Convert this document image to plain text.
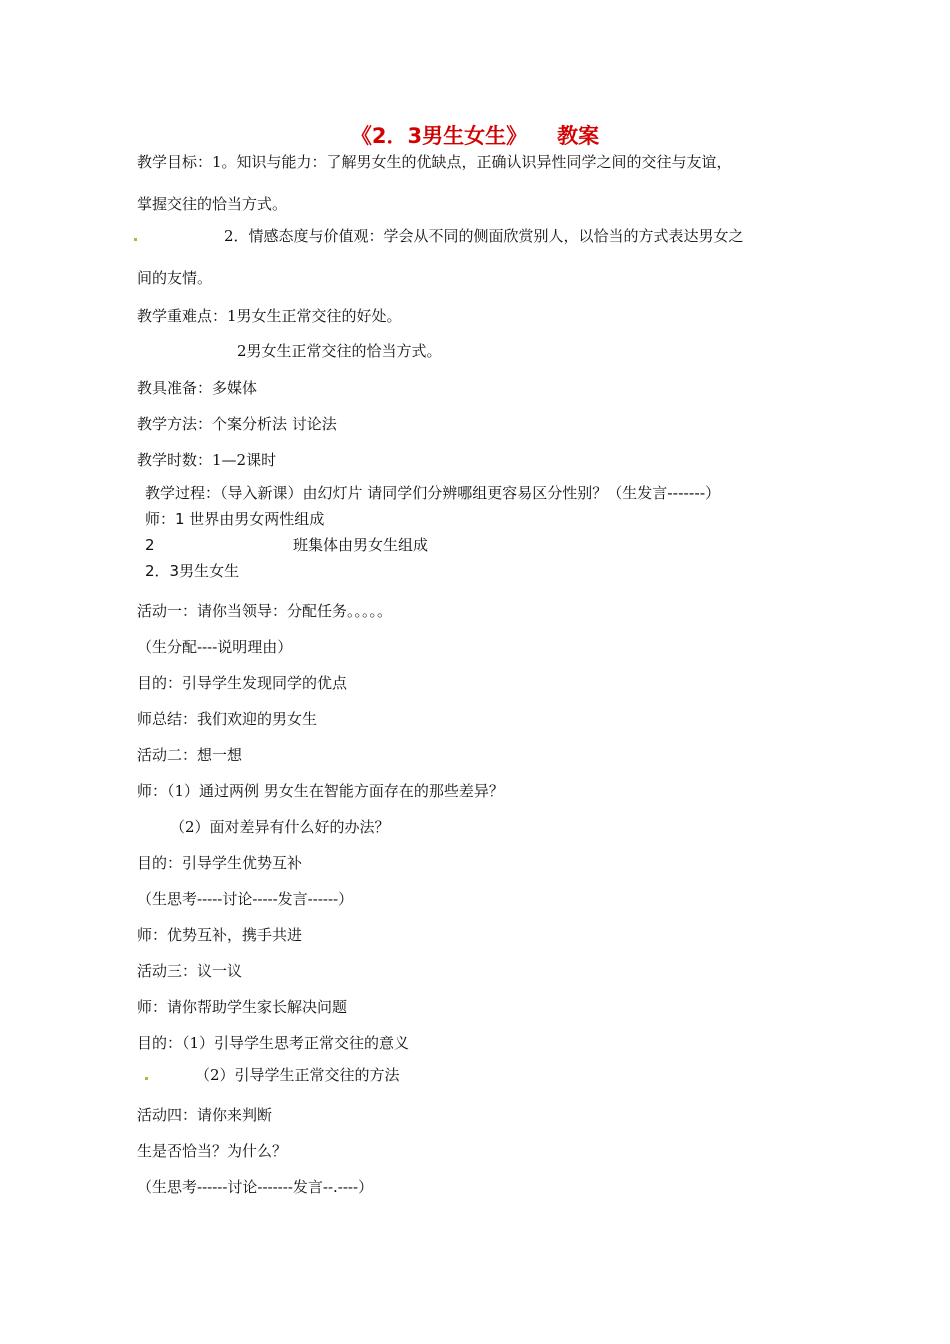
《2．3男生女生》 教案
教学目标：1。知识与能力：了解男女生的优缺点，正确认识异性同学之间的交往与友谊，
掌握交往的恰当方式。
2．情感态度与价值观：学会从不同的侧面欣赏别人，以恰当的方式表达男女之
间的友情。
教学重难点：1男女生正常交往的好处。
2男女生正常交往的恰当方式。
教具准备：多媒体
教学方法：个案分析法 讨论法
教学时数：1—2课时
教学过程：（导入新课）由幻灯片 请同学们分辨哪组更容易区分性别？（生发言-------）
师：1 世界由男女两性组成
2	班集体由男女生组成
2．3男生女生
活动一：请你当领导：分配任务。。。。。
（生分配----说明理由）
目的：引导学生发现同学的优点
师总结：我们欢迎的男女生
活动二：想一想
师：（1）通过两例 男女生在智能方面存在的那些差异？
（2）面对差异有什么好的办法？
目的：引导学生优势互补
（生思考-----讨论-----发言------）
师：优势互补，携手共进
活动三：议一议
师：请你帮助学生家长解决问题
目的：（1）引导学生思考正常交往的意义
（2）引导学生正常交往的方法
活动四：请你来判断
生是否恰当？为什么？
（生思考------讨论-------发言--.----）
